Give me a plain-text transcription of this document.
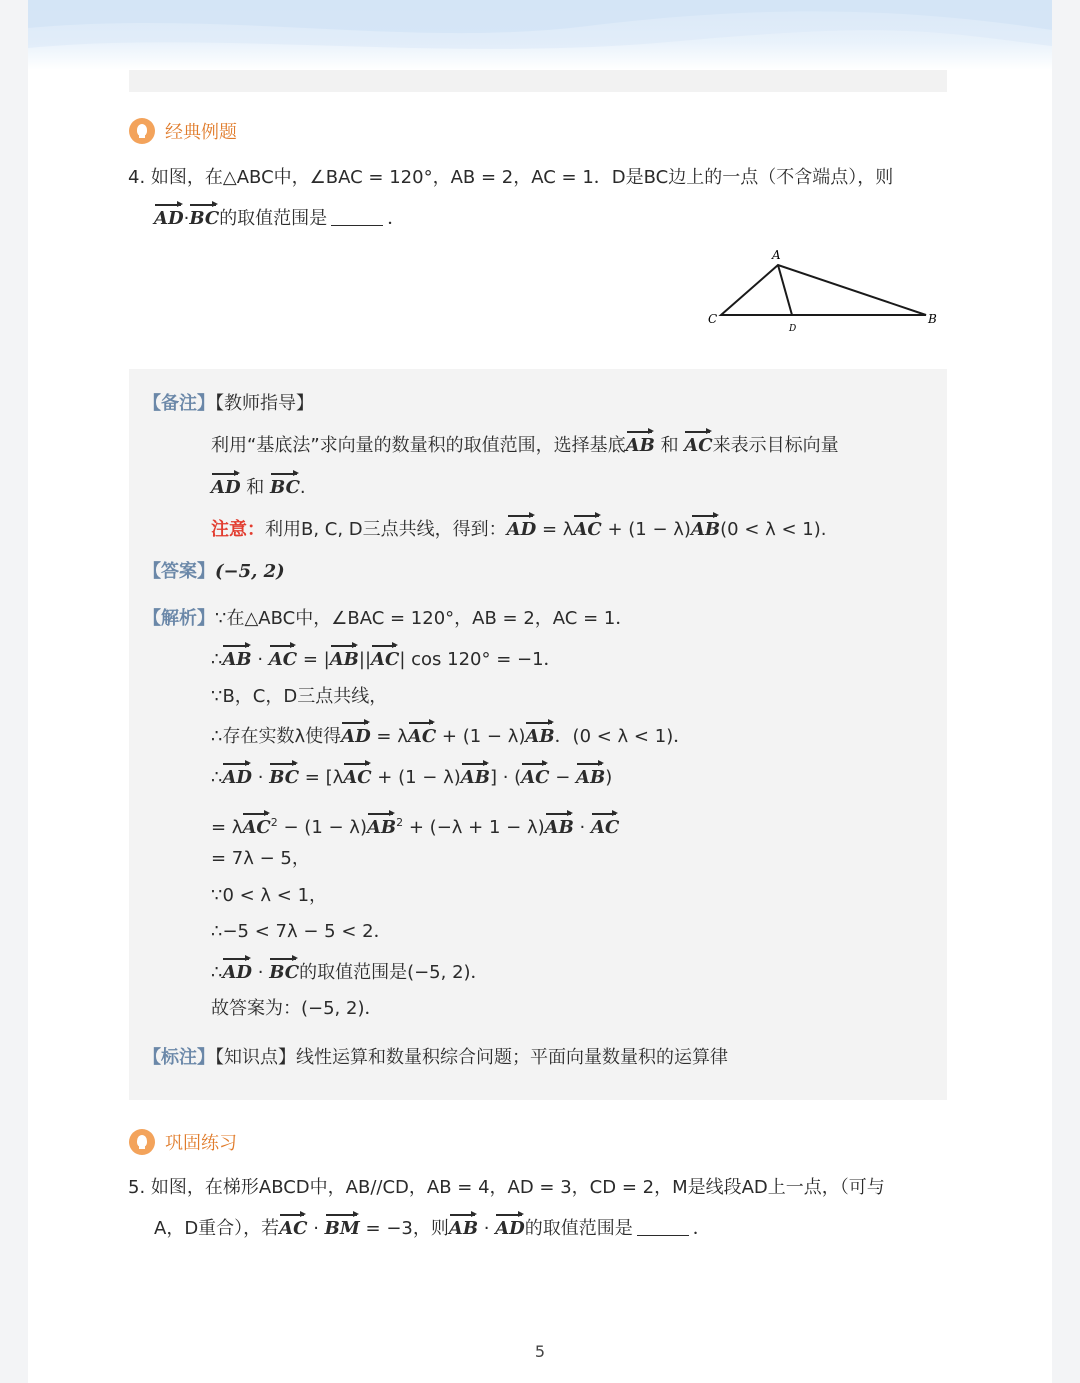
经典例题
4. 如图，在△ABC中，∠BAC = 120°，AB = 2，AC = 1．D是BC边上的一点（不含端点），则
AD·BC的取值范围是	．
A
B
C
D
【备注】【教师指导】
利用“基底法”求向量的数量积的取值范围，选择基底AB 和 AC来表示目标向量
AD 和 BC.
注意：利用B, C, D三点共线，得到：AD = λAC + (1 − λ)AB(0 < λ < 1).
【答案】(−5, 2)
【解析】∵在△ABC中，∠BAC = 120°，AB = 2，AC = 1．
∴AB · AC = |AB||AC| cos 120° = −1．
∵B，C，D三点共线，
∴存在实数λ使得AD = λAC + (1 − λ)AB．(0 < λ < 1)．
∴AD · BC = [λAC + (1 − λ)AB] · (AC − AB)
= $\lambda AC^2 - (1 - \lambda)AB^2 + (-\lambda + 1 - \lambda)AB$ · AC
= 7λ − 5，
∵0 < λ < 1，
∴−5 < 7λ − 5 < 2．
∴AD · BC的取值范围是(−5, 2)．
故答案为：(−5, 2)．
【标注】【知识点】线性运算和数量积综合问题；平面向量数量积的运算律
巩固练习
5. 如图，在梯形ABCD中，AB//CD，AB = 4，AD = 3，CD = 2，M是线段AD上一点，（可与
A，D重合），若AC · BM = −3，则AB · AD的取值范围是	．
5
